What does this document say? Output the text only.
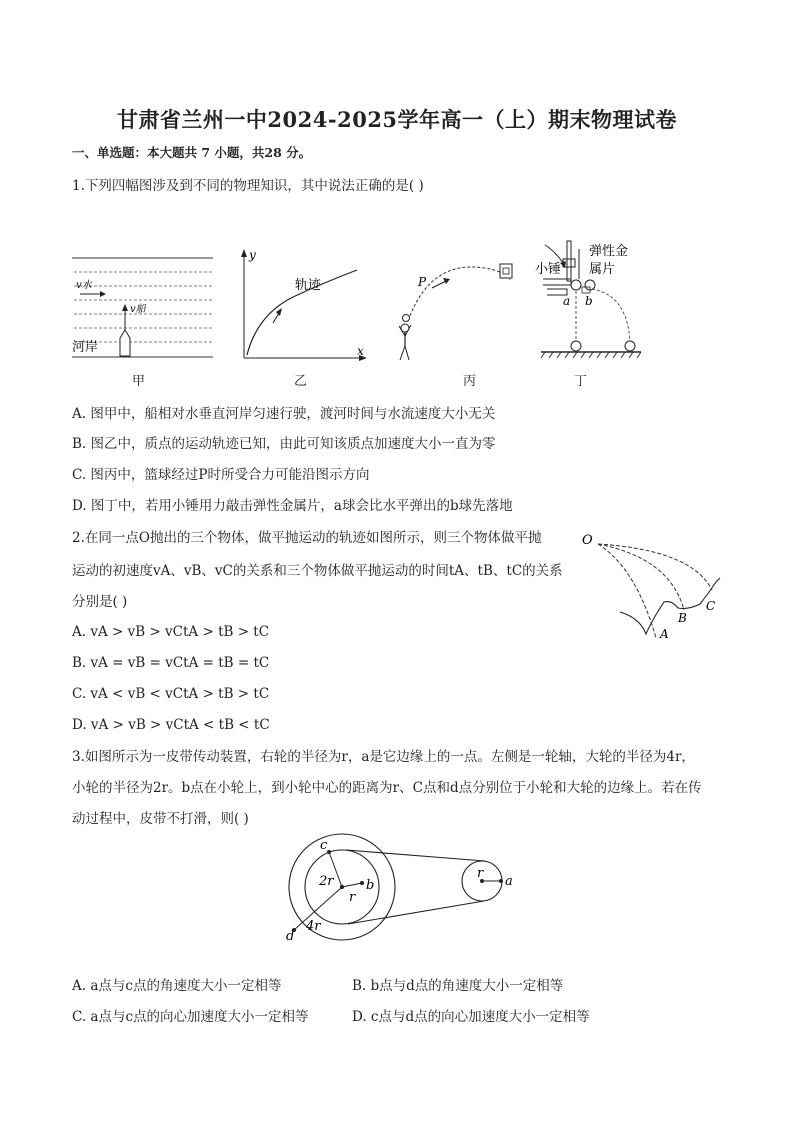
甘肃省兰州一中2024-2025学年高一（上）期末物理试卷
一、单选题：本大题共 7 小题，共28 分。
1.下列四幅图涉及到不同的物理知识，其中说法正确的是( )
v水
v船
河岸
甲
y
x
轨迹
乙
P
丙
小锤
弹性金
属片
a b
丁
A. 图甲中，船相对水垂直河岸匀速行驶，渡河时间与水流速度大小无关
B. 图乙中，质点的运动轨迹已知，由此可知该质点加速度大小一直为零
C. 图丙中，篮球经过P时所受合力可能沿图示方向
D. 图丁中，若用小锤用力敲击弹性金属片，a球会比水平弹出的b球先落地
2.在同一点O抛出的三个物体，做平抛运动的轨迹如图所示，则三个物体做平抛
运动的初速度vA、vB、vC的关系和三个物体做平抛运动的时间tA、tB、tC的关系
分别是( )
O
A
B
C
A. vA > vB > vCtA > tB > tC
B. vA = vB = vCtA = tB = tC
C. vA < vB < vCtA > tB > tC
D. vA > vB > vCtA < tB < tC
3.如图所示为一皮带传动装置，右轮的半径为r，a是它边缘上的一点。左侧是一轮轴，大轮的半径为4r，
小轮的半径为2r。b点在小轮上，到小轮中心的距离为r、C点和d点分别位于小轮和大轮的边缘上。若在传
动过程中，皮带不打滑，则( )
c
2r	b
r
d
4r
r
a
A. a点与c点的角速度大小一定相等	B. b点与d点的角速度大小一定相等
C. a点与c点的向心加速度大小一定相等	D. c点与d点的向心加速度大小一定相等
